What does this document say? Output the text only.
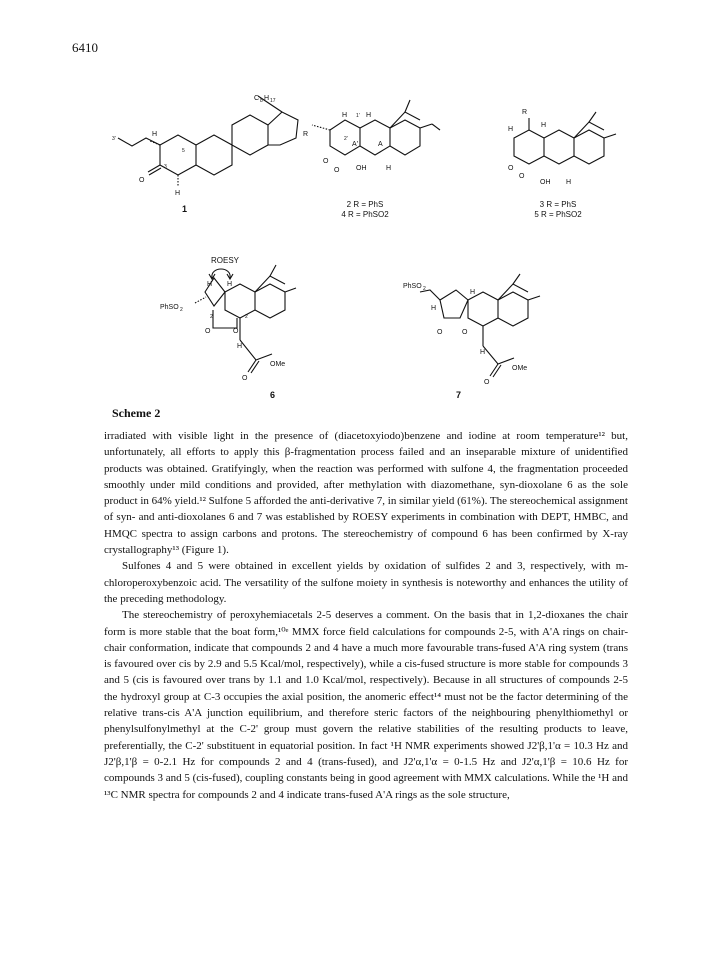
6410
C 8 H 17
3'
H
O
3
5
H
R
H 1' H
2'
A'	A
O
O OH	H
R
H
H
O
O
OH H
PhSO 2
H H
2'	2
O	O
H
O
OMe
PhSO 2
H
H
O	O
H
O
OMe
1	2 R = PhS
4 R = PhSO2
3 R = PhS
5 R = PhSO2
ROESY
6	7
Scheme 2

irradiated with visible light in the presence of (diacetoxyiodo)benzene and iodine at room temperature¹² but, unfortunately, all efforts to apply this β-fragmentation process failed and an inseparable mixture of unidentified products was obtained. Gratifyingly, when the reaction was performed with sulfone 4, the fragmentation proceeded smoothly under mild conditions and provided, after methylation with diazomethane, syn-dioxolane 6 as the sole product in 64% yield.¹² Sulfone 5 afforded the anti-derivative 7, in similar yield (61%). The stereochemical assignment of syn- and anti-dioxolanes 6 and 7 was established by ROESY experiments in combination with DEPT, HMBC, and HMQC spectra to assign carbons and protons. The stereochemistry of compound 6 has been confirmed by X-ray crystallography¹³ (Figure 1).

Sulfones 4 and 5 were obtained in excellent yields by oxidation of sulfides 2 and 3, respectively, with m-chloroperoxybenzoic acid. The versatility of the sulfone moiety in synthesis is noteworthy and enhances the utility of the preceding methodology.

The stereochemistry of peroxyhemiacetals 2-5 deserves a comment. On the basis that in 1,2-dioxanes the chair form is more stable that the boat form,¹⁰ᵉ MMX force field calculations for compounds 2-5, with A'A rings on chair-chair conformation, indicate that compounds 2 and 4 have a much more favourable trans-fused A'A ring system (trans is favoured over cis by 2.9 and 5.5 Kcal/mol, respectively), while a cis-fused structure is more stable for compounds 3 and 5 (cis is favoured over trans by 1.1 and 1.0 Kcal/mol, respectively). Because in all structures of compounds 2-5 the hydroxyl group at C-3 occupies the axial position, the anomeric effect¹⁴ must not be the factor determining of the relative trans-cis A'A junction equilibrium, and therefore steric factors of the neighbouring phenylthiomethyl or phenylsulfonylmethyl at the C-2' group must govern the relative stabilities of the resulting products to leave, preferentially, the C-2' substituent in equatorial position. In fact ¹H NMR experiments showed J2'β,1'α = 10.3 Hz and J2'β,1'β = 0-2.1 Hz for compounds 2 and 4 (trans-fused), and J2'α,1'α = 0-1.5 Hz and J2'α,1'β = 10.6 Hz for compounds 3 and 5 (cis-fused), coupling constants being in good agreement with MMX calculations. While the ¹H and ¹³C NMR spectra for compounds 2 and 4 indicate trans-fused A'A rings as the sole structure,
